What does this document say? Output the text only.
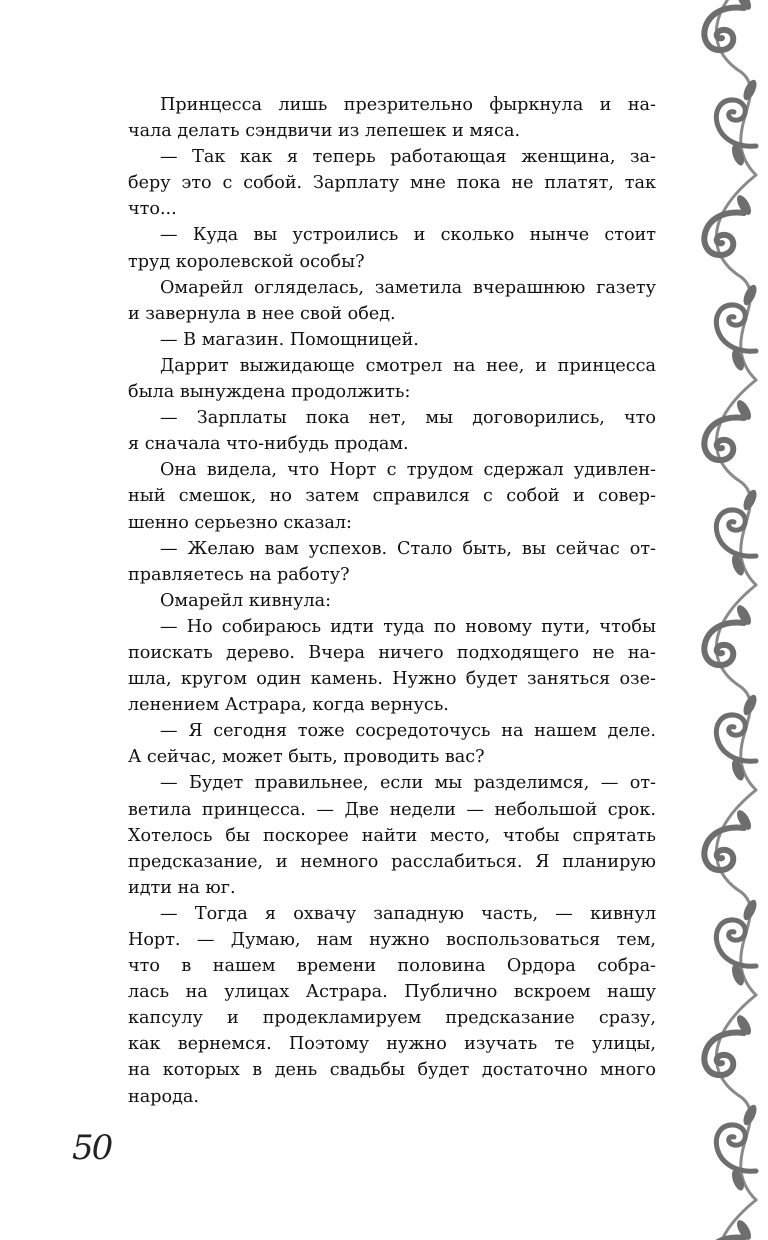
Принцесса лишь презрительно фыркнула и на-
чала делать сэндвичи из лепешек и мяса.
— Так как я теперь работающая женщина, за-
беру это с собой. Зарплату мне пока не платят, так
что...
— Куда вы устроились и сколько нынче стоит
труд королевской особы?
Омарейл огляделась, заметила вчерашнюю газету
и завернула в нее свой обед.
— В магазин. Помощницей.
Даррит выжидающе смотрел на нее, и принцесса
была вынуждена продолжить:
— Зарплаты пока нет, мы договорились, что
я сначала что-нибудь продам.
Она видела, что Норт с трудом сдержал удивлен-
ный смешок, но затем справился с собой и совер-
шенно серьезно сказал:
— Желаю вам успехов. Стало быть, вы сейчас от-
правляетесь на работу?
Омарейл кивнула:
— Но собираюсь идти туда по новому пути, чтобы
поискать дерево. Вчера ничего подходящего не на-
шла, кругом один камень. Нужно будет заняться озе-
ленением Астрара, когда вернусь.
— Я сегодня тоже сосредоточусь на нашем деле.
А сейчас, может быть, проводить вас?
— Будет правильнее, если мы разделимся, — от-
ветила принцесса. — Две недели — небольшой срок.
Хотелось бы поскорее найти место, чтобы спрятать
предсказание, и немного расслабиться. Я планирую
идти на юг.
— Тогда я охвачу западную часть, — кивнул
Норт. — Думаю, нам нужно воспользоваться тем,
что в нашем времени половина Ордора собра-
лась на улицах Астрара. Публично вскроем нашу
капсулу и продекламируем предсказание сразу,
как вернемся. Поэтому нужно изучать те улицы,
на которых в день свадьбы будет достаточно много
народа.
50
